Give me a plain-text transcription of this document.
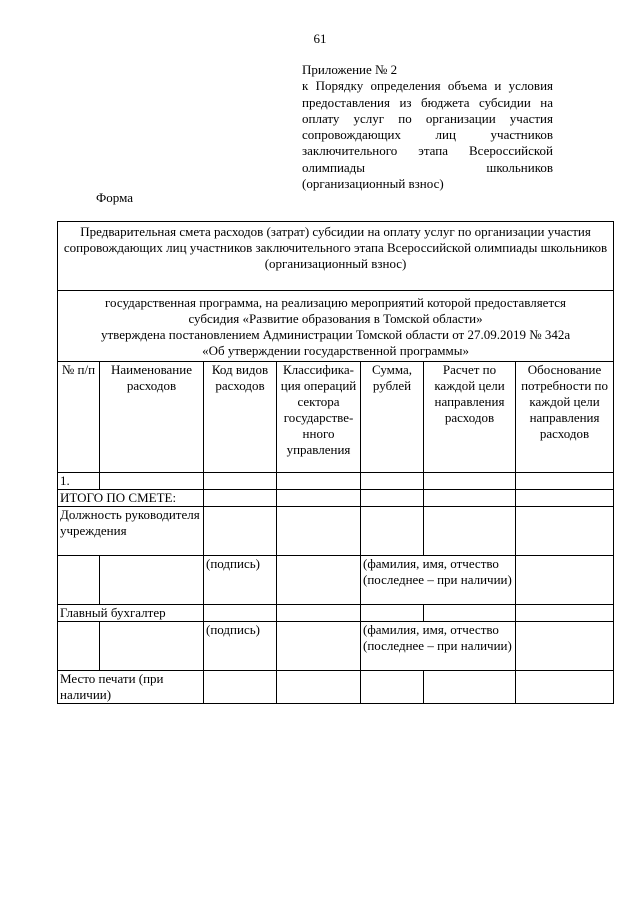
61
Приложение № 2
к Порядку определения объема и условия
предоставления из бюджета субсидии на
оплату услуг по организации участия
сопровождающих лиц участников
заключительного этапа Всероссийской
олимпиады школьников
(организационный взнос)
Форма
Предварительная смета расходов (затрат) субсидии на оплату услуг по организации участия сопровождающих лиц участников заключительного этапа Всероссийской олимпиады школьников (организационный взнос)						

государственная программа, на реализацию мероприятий которой предоставляется
субсидия «Развитие образования в Томской области»
утверждена постановлением Администрации Томской области от 27.09.2019 № 342а
«Об утверждении государственной программы»						

№ п/п	Наименование расходов	Код видов расходов	Классификация операций сектора государственного управления	Сумма, рублей	Расчет по каждой цели направления расходов	Обоснование потребности по каждой цели направления расходов
1.						
ИТОГО ПО СМЕТЕ:						
Должность руководителя учреждения						
		(подпись)		(фамилия, имя, отчество (последнее – при наличии)		
Главный бухгалтер						
		(подпись)		(фамилия, имя, отчество (последнее – при наличии)		
Место печати (при наличии)						
